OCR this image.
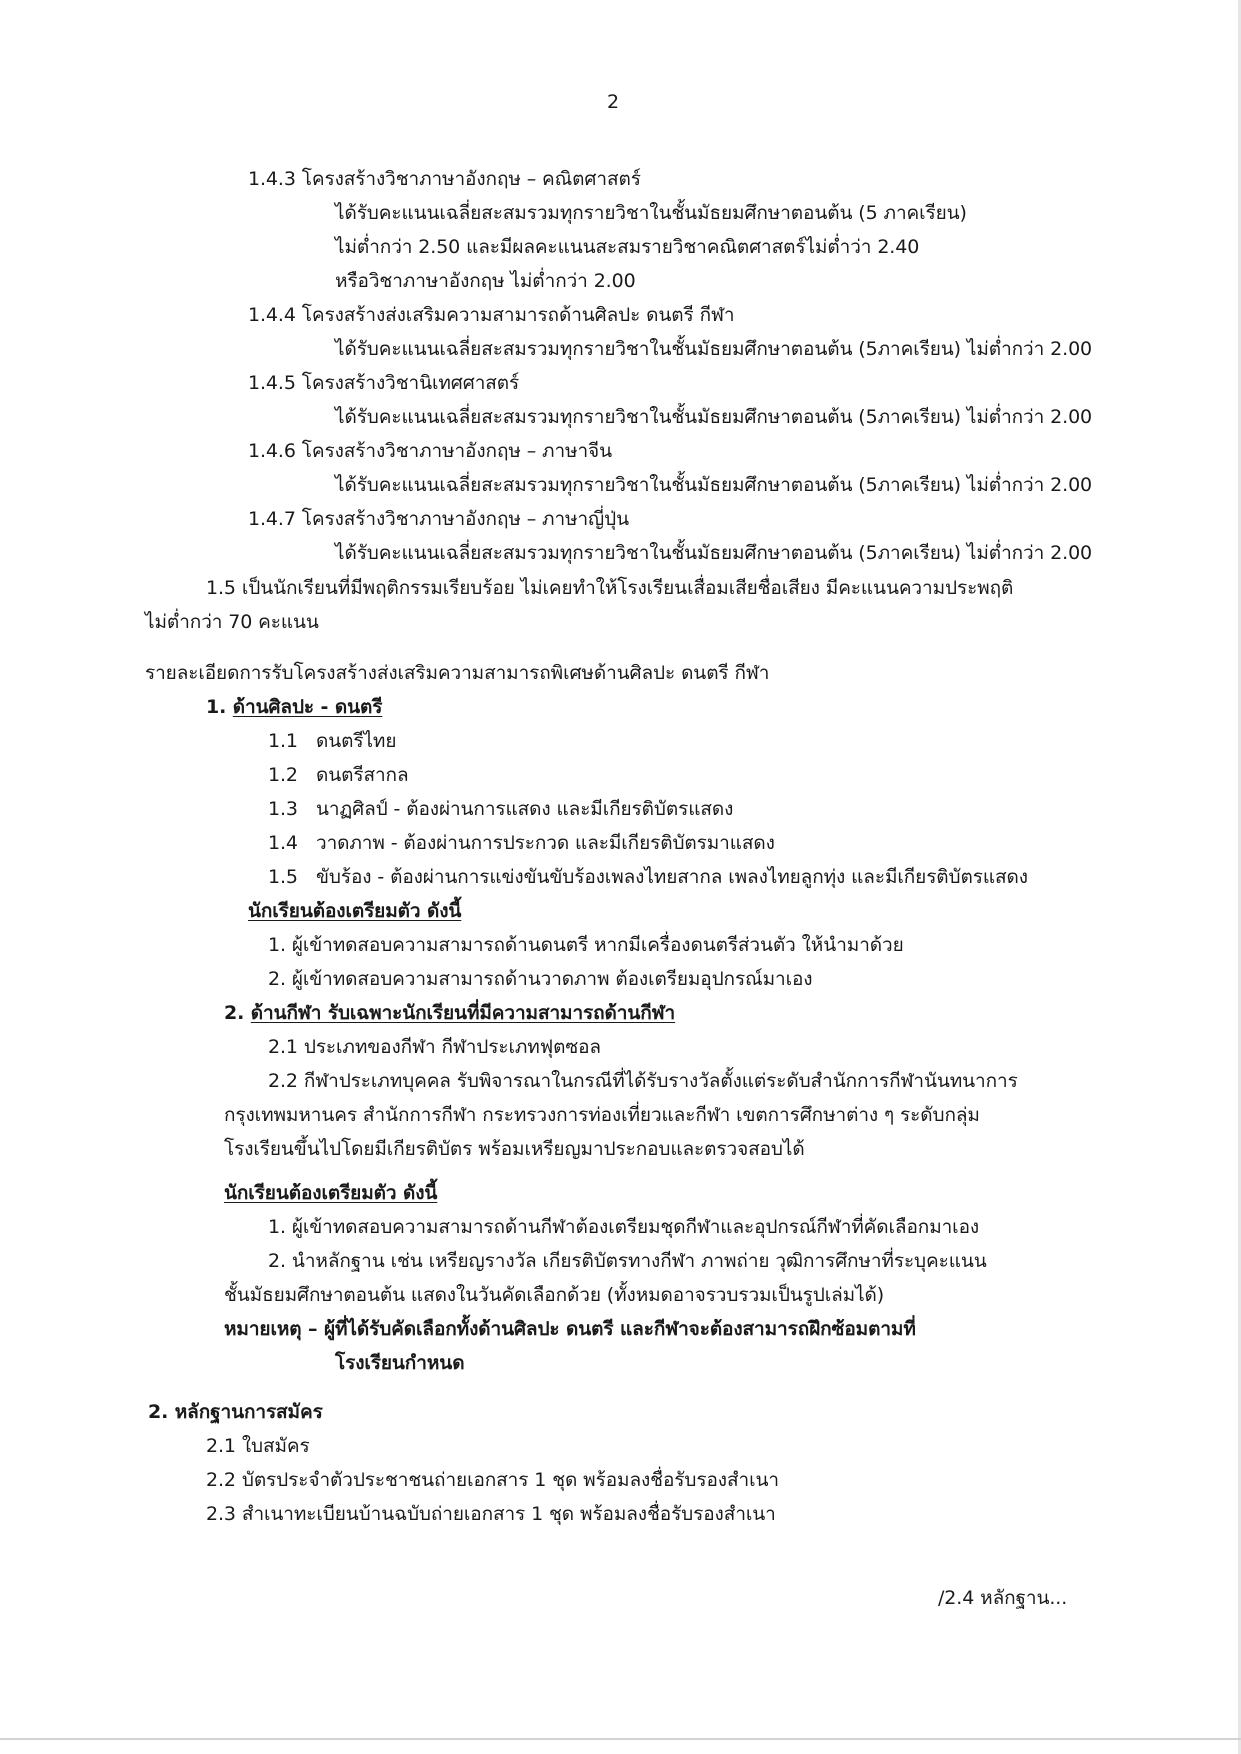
2
1.4.3 โครงสร้างวิชาภาษาอังกฤษ – คณิตศาสตร์
ได้รับคะแนนเฉลี่ยสะสมรวมทุกรายวิชาในชั้นมัธยมศึกษาตอนต้น (5 ภาคเรียน)
ไม่ต่ำกว่า 2.50 และมีผลคะแนนสะสมรายวิชาคณิตศาสตร์ไม่ต่ำว่า 2.40
หรือวิชาภาษาอังกฤษ ไม่ต่ำกว่า 2.00
1.4.4 โครงสร้างส่งเสริมความสามารถด้านศิลปะ ดนตรี กีฬา
ได้รับคะแนนเฉลี่ยสะสมรวมทุกรายวิชาในชั้นมัธยมศึกษาตอนต้น (5ภาคเรียน) ไม่ต่ำกว่า 2.00
1.4.5 โครงสร้างวิชานิเทศศาสตร์
ได้รับคะแนนเฉลี่ยสะสมรวมทุกรายวิชาในชั้นมัธยมศึกษาตอนต้น (5ภาคเรียน) ไม่ต่ำกว่า 2.00
1.4.6 โครงสร้างวิชาภาษาอังกฤษ – ภาษาจีน
ได้รับคะแนนเฉลี่ยสะสมรวมทุกรายวิชาในชั้นมัธยมศึกษาตอนต้น (5ภาคเรียน) ไม่ต่ำกว่า 2.00
1.4.7 โครงสร้างวิชาภาษาอังกฤษ – ภาษาญี่ปุ่น
ได้รับคะแนนเฉลี่ยสะสมรวมทุกรายวิชาในชั้นมัธยมศึกษาตอนต้น (5ภาคเรียน) ไม่ต่ำกว่า 2.00
1.5 เป็นนักเรียนที่มีพฤติกรรมเรียบร้อย ไม่เคยทำให้โรงเรียนเสื่อมเสียชื่อเสียง มีคะแนนความประพฤติ
ไม่ต่ำกว่า 70 คะแนน
รายละเอียดการรับโครงสร้างส่งเสริมความสามารถพิเศษด้านศิลปะ ดนตรี กีฬา
1. ด้านศิลปะ - ดนตรี
1.1 ดนตรีไทย
1.2 ดนตรีสากล
1.3 นาฏศิลป์ - ต้องผ่านการแสดง และมีเกียรติบัตรแสดง
1.4 วาดภาพ - ต้องผ่านการประกวด และมีเกียรติบัตรมาแสดง
1.5 ขับร้อง - ต้องผ่านการแข่งขันขับร้องเพลงไทยสากล เพลงไทยลูกทุ่ง และมีเกียรติบัตรแสดง
นักเรียนต้องเตรียมตัว ดังนี้
1. ผู้เข้าทดสอบความสามารถด้านดนตรี หากมีเครื่องดนตรีส่วนตัว ให้นำมาด้วย
2. ผู้เข้าทดสอบความสามารถด้านวาดภาพ ต้องเตรียมอุปกรณ์มาเอง
2. ด้านกีฬา รับเฉพาะนักเรียนที่มีความสามารถด้านกีฬา
2.1 ประเภทของกีฬา กีฬาประเภทฟุตซอล
2.2 กีฬาประเภทบุคคล รับพิจารณาในกรณีที่ได้รับรางวัลตั้งแต่ระดับสำนักการกีฬานันทนาการ
กรุงเทพมหานคร สำนักการกีฬา กระทรวงการท่องเที่ยวและกีฬา เขตการศึกษาต่าง ๆ ระดับกลุ่ม
โรงเรียนขึ้นไปโดยมีเกียรติบัตร พร้อมเหรียญมาประกอบและตรวจสอบได้
นักเรียนต้องเตรียมตัว ดังนี้
1. ผู้เข้าทดสอบความสามารถด้านกีฬาต้องเตรียมชุดกีฬาและอุปกรณ์กีฬาที่คัดเลือกมาเอง
2. นำหลักฐาน เช่น เหรียญรางวัล เกียรติบัตรทางกีฬา ภาพถ่าย วุฒิการศึกษาที่ระบุคะแนน
ชั้นมัธยมศึกษาตอนต้น แสดงในวันคัดเลือกด้วย (ทั้งหมดอาจรวบรวมเป็นรูปเล่มได้)
หมายเหตุ – ผู้ที่ได้รับคัดเลือกทั้งด้านศิลปะ ดนตรี และกีฬาจะต้องสามารถฝึกซ้อมตามที่
โรงเรียนกำหนด
2. หลักฐานการสมัคร
2.1 ใบสมัคร
2.2 บัตรประจำตัวประชาชนถ่ายเอกสาร 1 ชุด พร้อมลงชื่อรับรองสำเนา
2.3 สำเนาทะเบียนบ้านฉบับถ่ายเอกสาร 1 ชุด พร้อมลงชื่อรับรองสำเนา
/2.4 หลักฐาน...
